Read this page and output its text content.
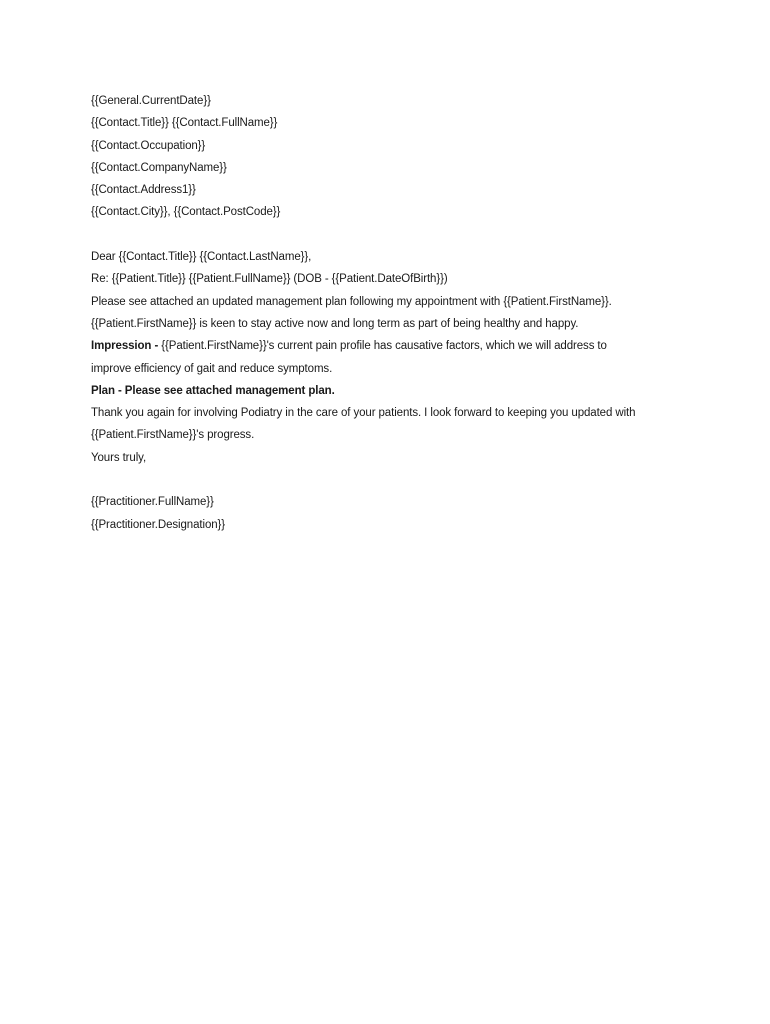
{{General.CurrentDate}}
{{Contact.Title}} {{Contact.FullName}}
{{Contact.Occupation}}
{{Contact.CompanyName}}
{{Contact.Address1}}
{{Contact.City}}, {{Contact.PostCode}}
Dear {{Contact.Title}} {{Contact.LastName}},
Re: {{Patient.Title}} {{Patient.FullName}} (DOB - {{Patient.DateOfBirth}})
Please see attached an updated management plan following my appointment with {{Patient.FirstName}}.
{{Patient.FirstName}} is keen to stay active now and long term as part of being healthy and happy.
Impression - {{Patient.FirstName}}'s current pain profile has causative factors, which we will address to
improve efficiency of gait and reduce symptoms.
Plan - Please see attached management plan.
Thank you again for involving Podiatry in the care of your patients. I look forward to keeping you updated with
{{Patient.FirstName}}'s progress.
Yours truly,
{{Practitioner.FullName}}
{{Practitioner.Designation}}
